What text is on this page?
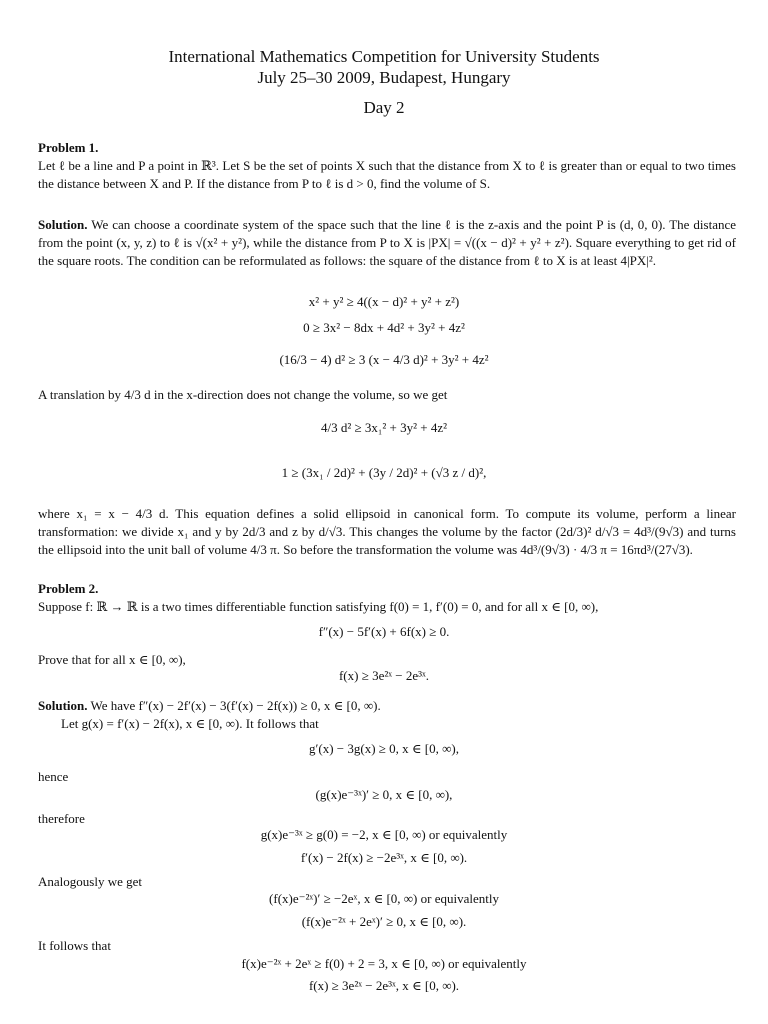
International Mathematics Competition for University Students
July 25–30 2009, Budapest, Hungary
Day 2
Problem 1.
Let ℓ be a line and P a point in ℝ³. Let S be the set of points X such that the distance from X to ℓ is greater than or equal to two times the distance between X and P. If the distance from P to ℓ is d > 0, find the volume of S.
Solution. We can choose a coordinate system of the space such that the line ℓ is the z-axis and the point P is (d, 0, 0). The distance from the point (x, y, z) to ℓ is √(x² + y²), while the distance from P to X is |PX| = √((x − d)² + y² + z²). Square everything to get rid of the square roots. The condition can be reformulated as follows: the square of the distance from ℓ to X is at least 4|PX|².
x² + y² ≥ 4((x − d)² + y² + z²)
0 ≥ 3x² − 8dx + 4d² + 3y² + 4z²
(16/3 − 4) d² ≥ 3 (x − 4/3 d)² + 3y² + 4z²
A translation by 4/3 d in the x-direction does not change the volume, so we get
4/3 d² ≥ 3x₁² + 3y² + 4z²
1 ≥ (3x₁ / 2d)² + (3y / 2d)² + (√3 z / d)²,
where x₁ = x − 4/3 d. This equation defines a solid ellipsoid in canonical form. To compute its volume, perform a linear transformation: we divide x₁ and y by 2d/3 and z by d/√3. This changes the volume by the factor (2d/3)² d/√3 = 4d³/(9√3) and turns the ellipsoid into the unit ball of volume 4/3 π. So before the transformation the volume was 4d³/(9√3) · 4/3 π = 16πd³/(27√3).
Problem 2.
Suppose f: ℝ → ℝ is a two times differentiable function satisfying f(0) = 1, f′(0) = 0, and for all x ∈ [0, ∞),
f″(x) − 5f′(x) + 6f(x) ≥ 0.
Prove that for all x ∈ [0, ∞),
f(x) ≥ 3e²ˣ − 2e³ˣ.
Solution. We have f″(x) − 2f′(x) − 3(f′(x) − 2f(x)) ≥ 0, x ∈ [0, ∞).
Let g(x) = f′(x) − 2f(x), x ∈ [0, ∞). It follows that
g′(x) − 3g(x) ≥ 0, x ∈ [0, ∞),
hence
(g(x)e⁻³ˣ)′ ≥ 0, x ∈ [0, ∞),
therefore
g(x)e⁻³ˣ ≥ g(0) = −2, x ∈ [0, ∞) or equivalently
f′(x) − 2f(x) ≥ −2e³ˣ, x ∈ [0, ∞).
Analogously we get
(f(x)e⁻²ˣ)′ ≥ −2eˣ, x ∈ [0, ∞) or equivalently
(f(x)e⁻²ˣ + 2eˣ)′ ≥ 0, x ∈ [0, ∞).
It follows that
f(x)e⁻²ˣ + 2eˣ ≥ f(0) + 2 = 3, x ∈ [0, ∞) or equivalently
f(x) ≥ 3e²ˣ − 2e³ˣ, x ∈ [0, ∞).
